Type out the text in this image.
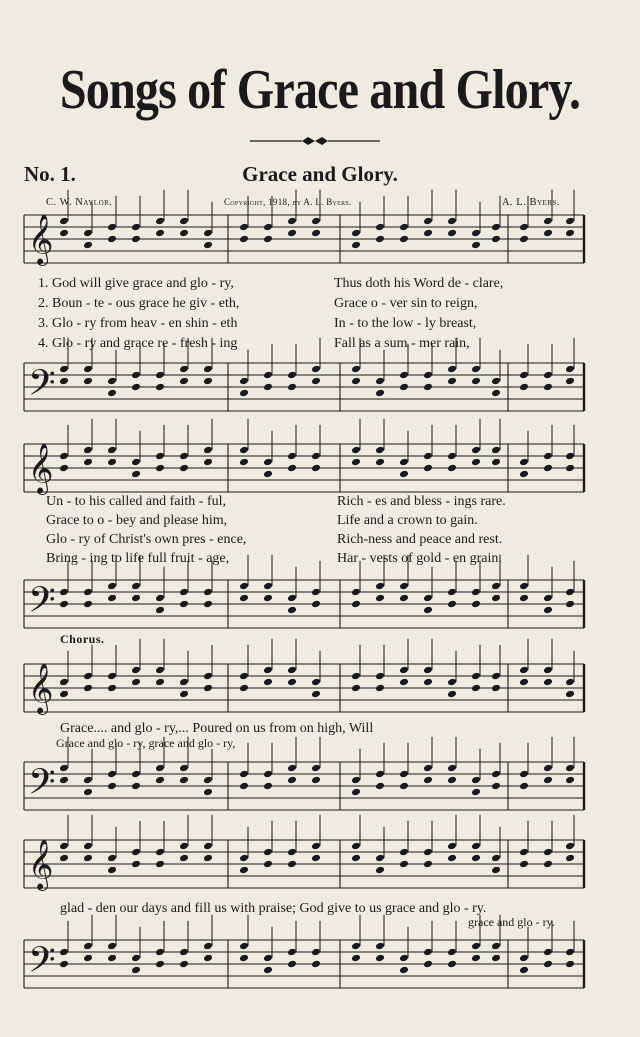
Songs of Grace and Glory.
No. 1.	Grace and Glory.
C. W. Naylor.	Copyright, 1918, by A. L. Byers.	A. L. Byers.
𝄞
1. God will give grace and glo - ry,	Thus doth his Word de - clare,
2. Boun - te - ous grace he giv - eth,	Grace o - ver sin to reign,
3. Glo - ry from heav - en shin - eth	In - to the low - ly breast,
4. Glo - ry and grace re - fresh - ing	Fall as a sum - mer rain,
𝄢
𝄞
Un - to his called and faith - ful,	Rich - es and bless - ings rare.
Grace to o - bey and please him,	Life and a crown to gain.
Glo - ry of Christ's own pres - ence,	Rich-ness and peace and rest.
Bring - ing to life full fruit - age,	Har - vests of gold - en grain.
𝄢
Chorus.
𝄞
Grace.... and glo - ry,... Poured on us from on high, Will
Grace and glo - ry, grace and glo - ry,
𝄢
𝄞
glad - den our days and fill us with praise; God give to us grace and glo - ry.
grace and glo - ry.
𝄢
